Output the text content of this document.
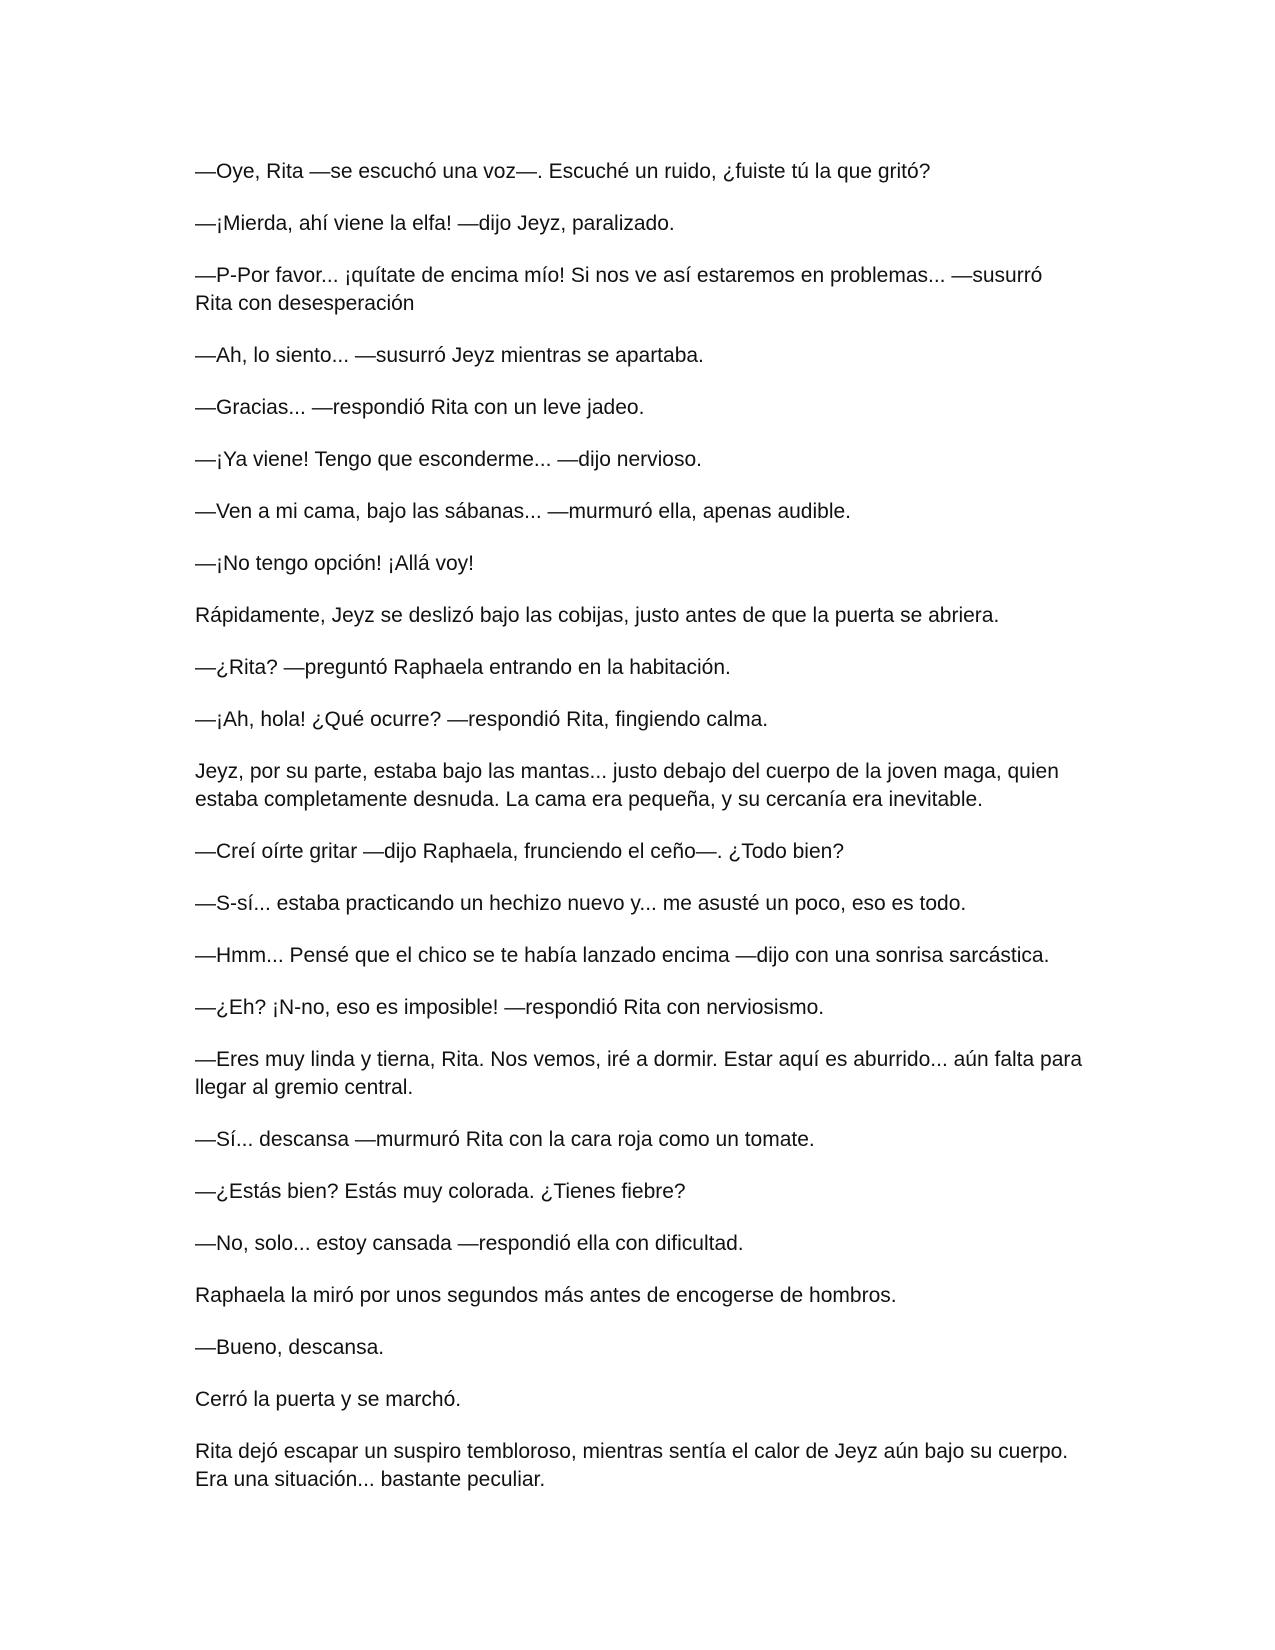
—Oye, Rita —se escuchó una voz—. Escuché un ruido, ¿fuiste tú la que gritó?

—¡Mierda, ahí viene la elfa! —dijo Jeyz, paralizado.

—P-Por favor... ¡quítate de encima mío! Si nos ve así estaremos en problemas... —susurró Rita con desesperación

—Ah, lo siento... —susurró Jeyz mientras se apartaba.

—Gracias... —respondió Rita con un leve jadeo.

—¡Ya viene! Tengo que esconderme... —dijo nervioso.

—Ven a mi cama, bajo las sábanas... —murmuró ella, apenas audible.

—¡No tengo opción! ¡Allá voy!

Rápidamente, Jeyz se deslizó bajo las cobijas, justo antes de que la puerta se abriera.

—¿Rita? —preguntó Raphaela entrando en la habitación.

—¡Ah, hola! ¿Qué ocurre? —respondió Rita, fingiendo calma.

Jeyz, por su parte, estaba bajo las mantas... justo debajo del cuerpo de la joven maga, quien estaba completamente desnuda. La cama era pequeña, y su cercanía era inevitable.

—Creí oírte gritar —dijo Raphaela, frunciendo el ceño—. ¿Todo bien?

—S-sí... estaba practicando un hechizo nuevo y... me asusté un poco, eso es todo.

—Hmm... Pensé que el chico se te había lanzado encima —dijo con una sonrisa sarcástica.

—¿Eh? ¡N-no, eso es imposible! —respondió Rita con nerviosismo.

—Eres muy linda y tierna, Rita. Nos vemos, iré a dormir. Estar aquí es aburrido... aún falta para llegar al gremio central.

—Sí... descansa —murmuró Rita con la cara roja como un tomate.

—¿Estás bien? Estás muy colorada. ¿Tienes fiebre?

—No, solo... estoy cansada —respondió ella con dificultad.

Raphaela la miró por unos segundos más antes de encogerse de hombros.

—Bueno, descansa.

Cerró la puerta y se marchó.

Rita dejó escapar un suspiro tembloroso, mientras sentía el calor de Jeyz aún bajo su cuerpo. Era una situación... bastante peculiar.
